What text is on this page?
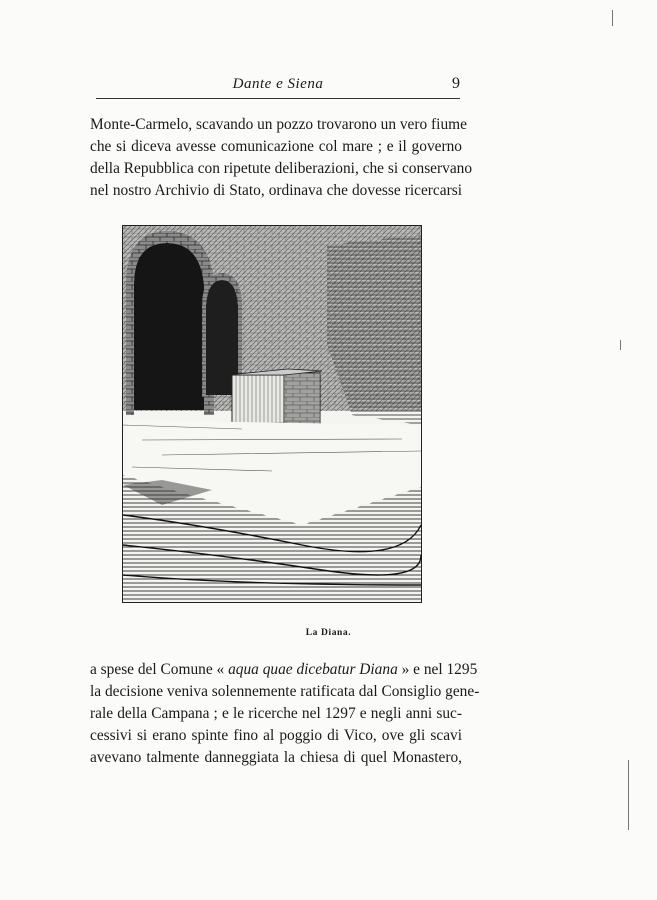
Dante e Siena	9
Monte-Carmelo, scavando un pozzo trovarono un vero fiume
che si diceva avesse comunicazione col mare ; e il governo
della Repubblica con ripetute deliberazioni, che si conservano
nel nostro Archivio di Stato, ordinava che dovesse ricercarsi
La Diana.
a spese del Comune « aqua quae dicebatur Diana » e nel 1295
la decisione veniva solennemente ratificata dal Consiglio gene-
rale della Campana ; e le ricerche nel 1297 e negli anni suc-
cessivi si erano spinte fino al poggio di Vico, ove gli scavi
avevano talmente danneggiata la chiesa di quel Monastero,
